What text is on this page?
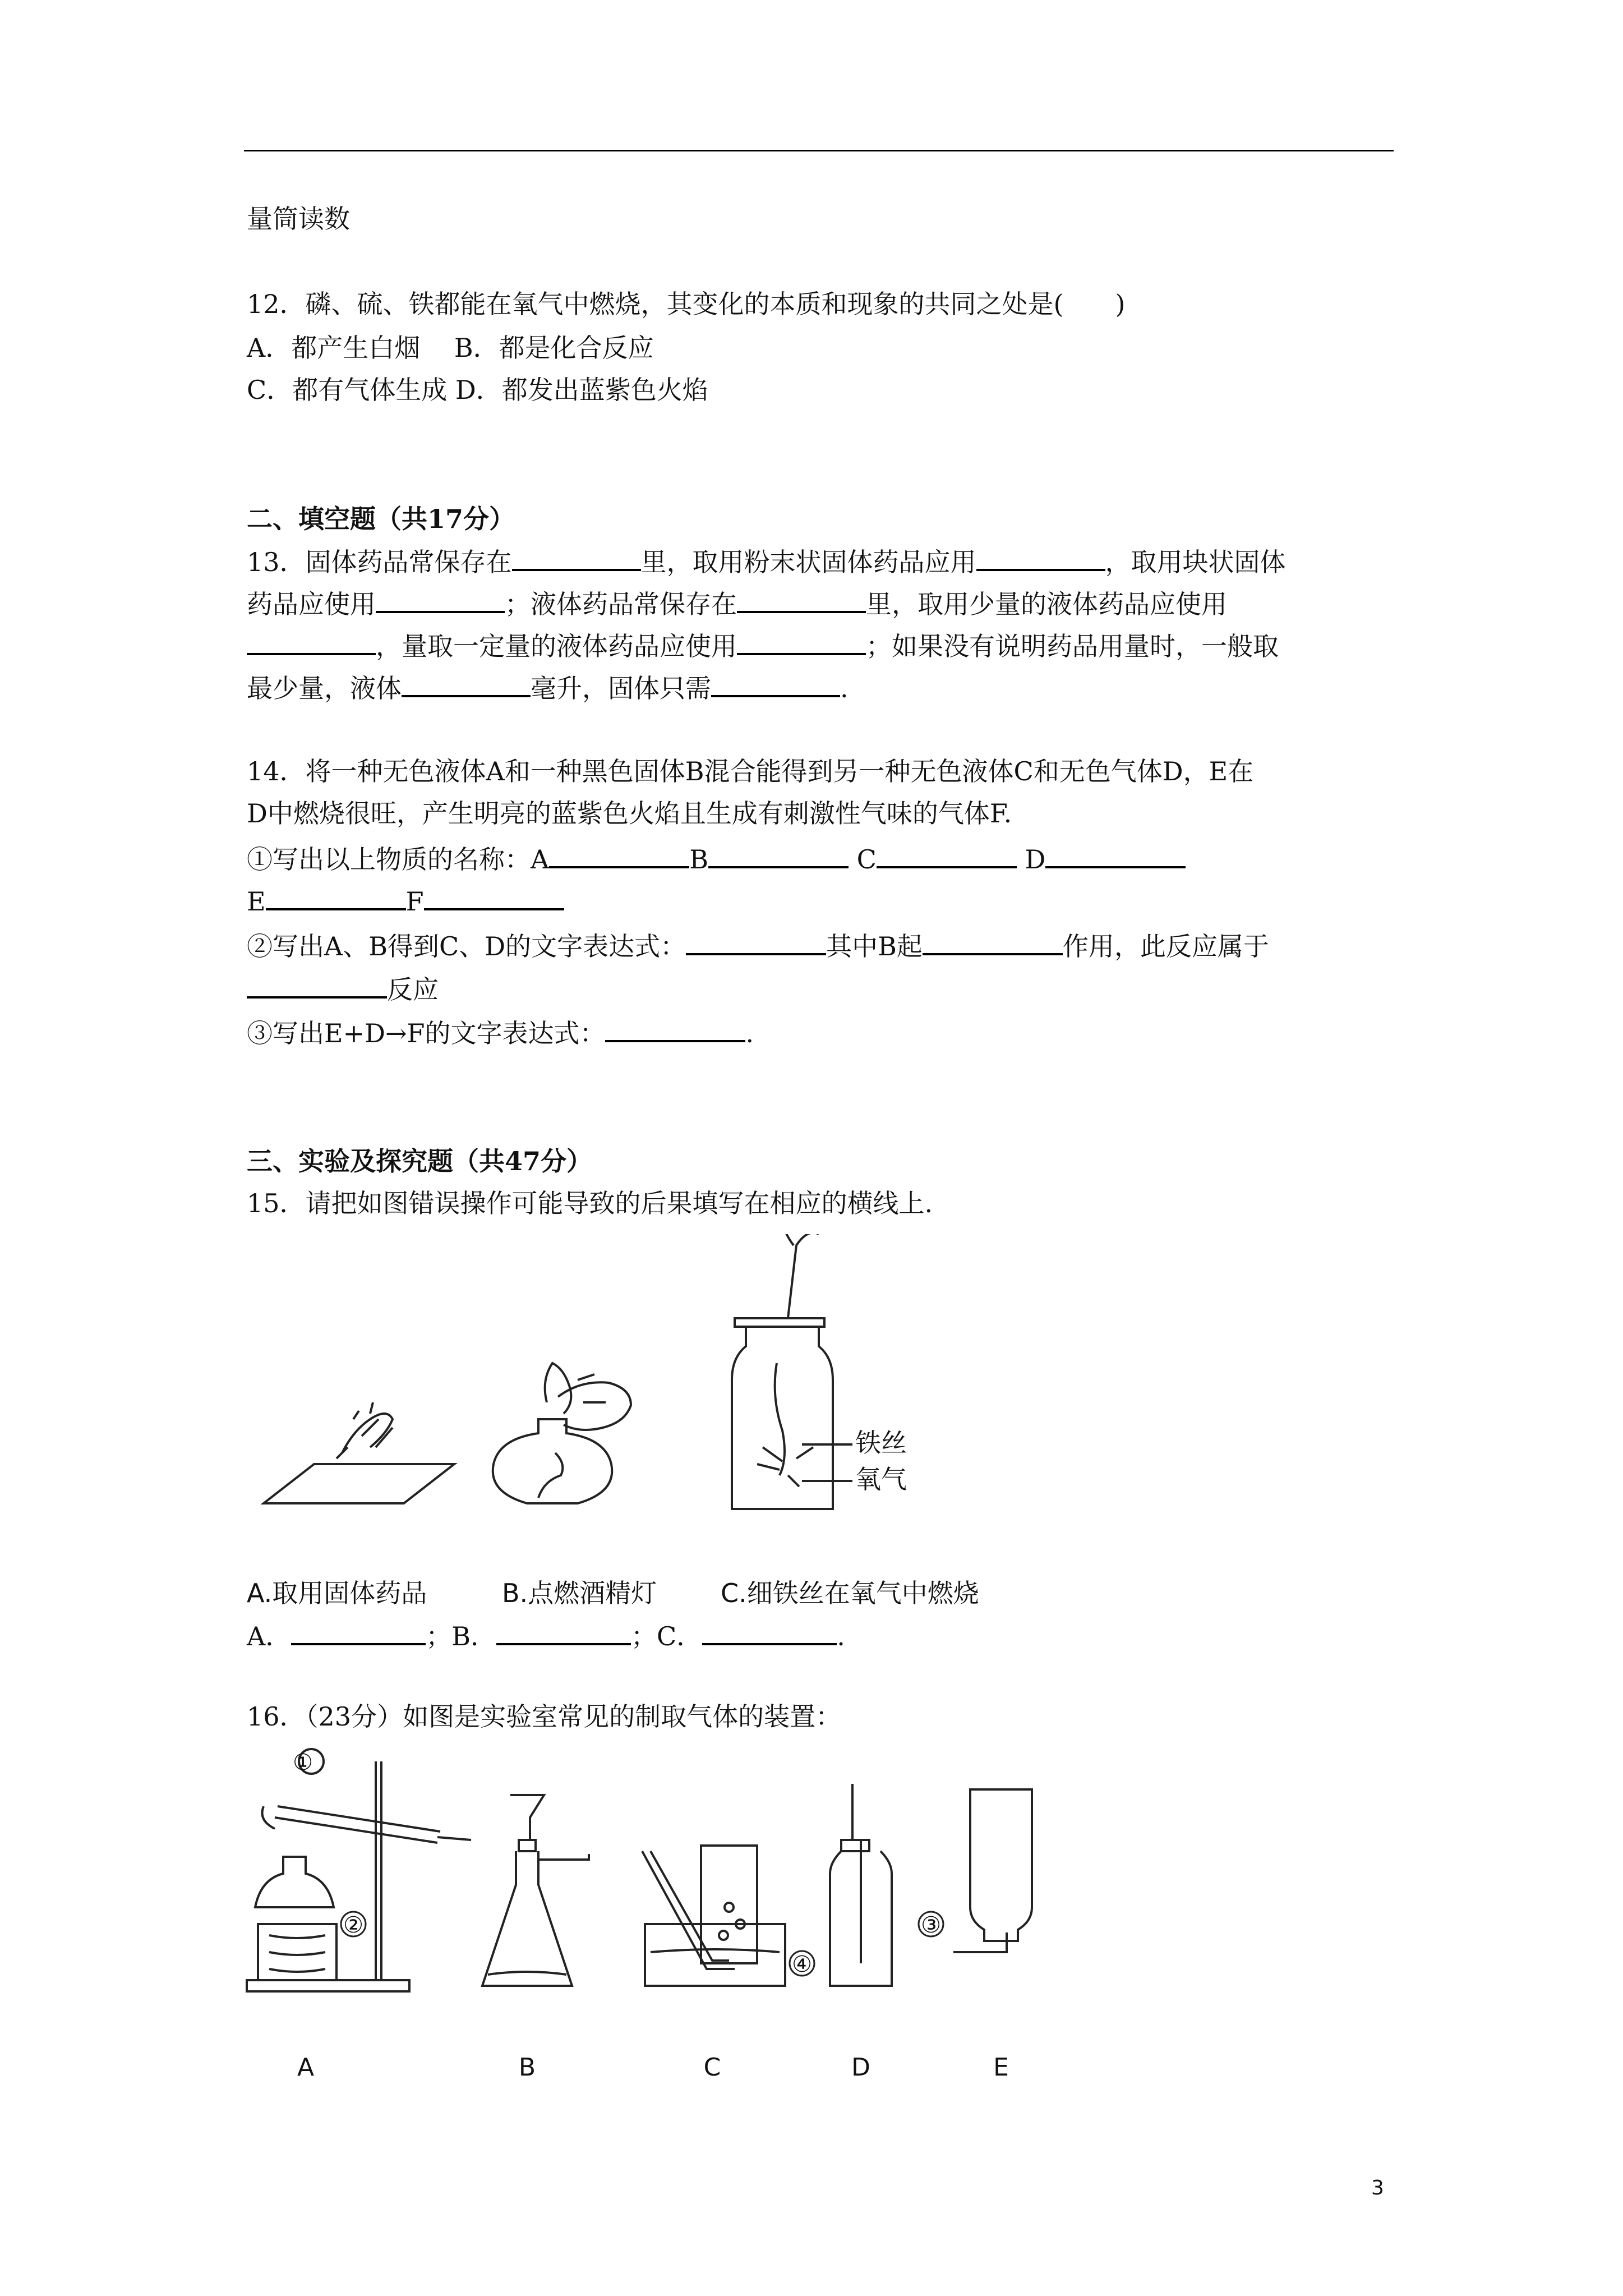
量筒读数
12．磷、硫、铁都能在氧气中燃烧，其变化的本质和现象的共同之处是(　　)
A．都产生白烟　 B．都是化合反应
C．都有气体生成 D．都发出蓝紫色火焰
二、填空题（共17分）
13．固体药品常保存在	里，取用粉末状固体药品应用	，取用块状固体
药品应使用	；液体药品常保存在	里，取用少量的液体药品应使用
，量取一定量的液体药品应使用	；如果没有说明药品用量时，一般取
最少量，液体	毫升，固体只需	.
14．将一种无色液体A和一种黑色固体B混合能得到另一种无色液体C和无色气体D，E在
D中燃烧很旺，产生明亮的蓝紫色火焰且生成有刺激性气味的气体F.
①写出以上物质的名称：A	B	C	D
E	F
②写出A、B得到C、D的文字表达式：	其中B起	作用，此反应属于
反应
③写出E+D→F的文字表达式：	.
三、实验及探究题（共47分）
15．请把如图错误操作可能导致的后果填写在相应的横线上.
铁丝
氧气
A.取用固体药品	B.点燃酒精灯 C.细铁丝在氧气中燃烧
A．	；B．	；C．	.
16．（23分）如图是实验室常见的制取气体的装置：
①
②
④
③
A	B	C	D	E
3
